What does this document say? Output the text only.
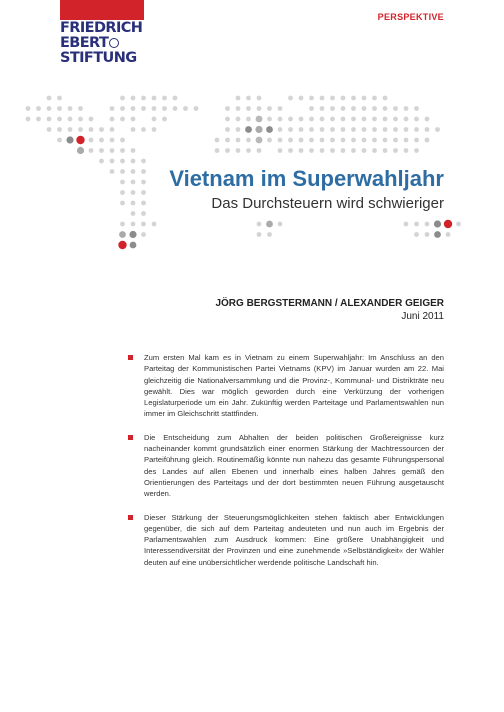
FRIEDRICH
EBERT
STIFTUNG
PERSPEKTIVE
Vietnam im Superwahljahr
Das Durchsteuern wird schwieriger
JÖRG BERGSTERMANN / ALEXANDER GEIGER
Juni 2011
Zum ersten Mal kam es in Vietnam zu einem Superwahljahr: Im Anschluss an den Parteitag der Kommunistischen Partei Vietnams (KPV) im Januar wurden am 22. Mai gleichzeitig die Nationalversammlung und die Provinz-, Kommunal- und Distrikträte neu gewählt. Dies war möglich geworden durch eine Verkürzung der vorherigen Legislaturperiode um ein Jahr. Zukünftig werden Parteitage und Parlamentswahlen nun immer im Gleichschritt stattfinden.
Die Entscheidung zum Abhalten der beiden politischen Großereignisse kurz nacheinander kommt grundsätzlich einer enormen Stärkung der Machtressourcen der Parteiführung gleich. Routinemäßig könnte nun nahezu das gesamte Führungspersonal des Landes auf allen Ebenen und innerhalb eines halben Jahres gemäß den Orientierungen des Parteitags und der dort bestimmten neuen Führung ausgetauscht werden.
Dieser Stärkung der Steuerungsmöglichkeiten stehen faktisch aber Entwicklungen gegenüber, die sich auf dem Parteitag andeuteten und nun auch im Ergebnis der Parlamentswahlen zum Ausdruck kommen: Eine größere Unabhängigkeit und Interessendiversität der Provinzen und eine zunehmende »Selbständigkeit« der Wähler deuten auf eine unübersichtlicher werdende politische Landschaft hin.
